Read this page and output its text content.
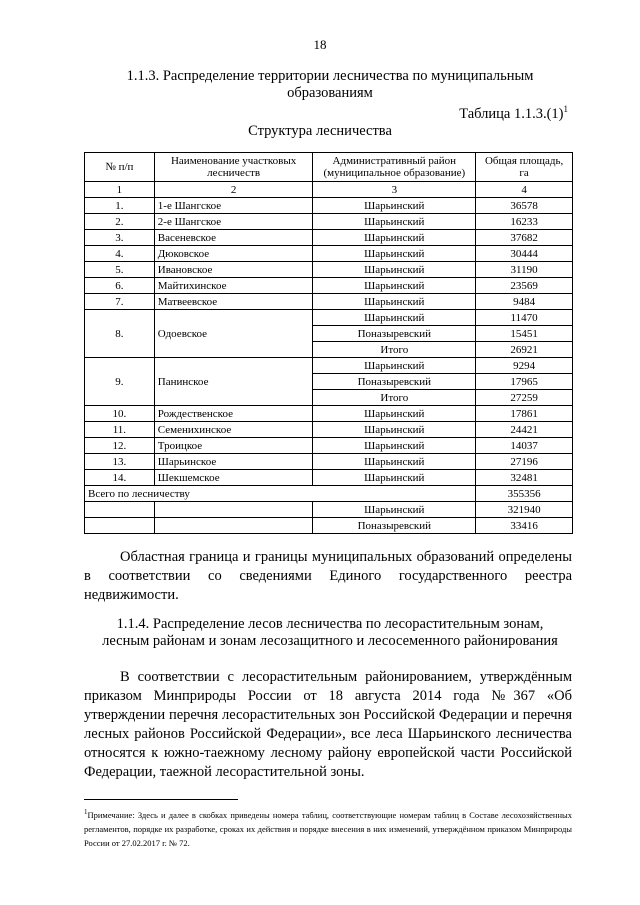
18
1.1.3. Распределение территории лесничества по муниципальным
образованиям
Таблица $1.1.3.(1)^1$
Структура лесничества
№ п/п	Наименование участковых лесничеств	Административный район (муниципальное образование)	Общая площадь, га
1	2	3	4
1.	1-е Шангское	Шарьинский	36578
2.	2-е Шангское	Шарьинский	16233
3.	Васеневское	Шарьинский	37682
4.	Дюковское	Шарьинский	30444
5.	Ивановское	Шарьинский	31190
6.	Майтихинское	Шарьинский	23569
7.	Матвеевское	Шарьинский	9484
8.	Одоевское	Шарьинский	11470
		Поназыревский	15451
		Итого	26921
9.	Панинское	Шарьинский	9294
		Поназыревский	17965
		Итого	27259
10.	Рождественское	Шарьинский	17861
11.	Семенихинское	Шарьинский	24421
12.	Троицкое	Шарьинский	14037
13.	Шарьинское	Шарьинский	27196
14.	Шекшемское	Шарьинский	32481
Всего по лесничеству			355356
		Шарьинский	321940
		Поназыревский	33416
Областная граница и границы муниципальных образований определены в соответствии со сведениями Единого государственного реестра недвижимости.
1.1.4. Распределение лесов лесничества по лесорастительным зонам,
лесным районам и зонам лесозащитного и лесосеменного районирования
В соответствии с лесорастительным районированием, утверждённым приказом Минприроды России от 18 августа 2014 года №367 «Об утверждении перечня лесорастительных зон Российской Федерации и перечня лесных районов Российской Федерации», все леса Шарьинского лесничества относятся к южно-таежному лесному району европейской части Российской Федерации, таежной лесорастительной зоны.
$^1$Примечание: Здесь и далее в скобках приведены номера таблиц, соответствующие номерам таблиц в Составе лесохозяйственных регламентов, порядке их разработке, сроках их действия и порядке внесения в них изменений, утверждённом приказом Минприроды России от 27.02.2017 г. № 72.
